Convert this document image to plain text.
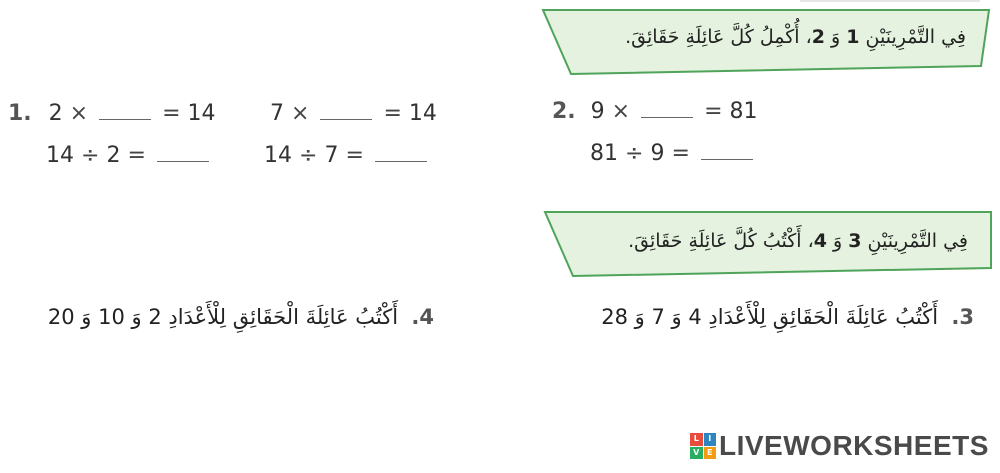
فِي التَّمْرِينَيْنِ

1

وَ

2
، أُكْمِلُ كُلَّ عَائِلَةِ حَقَائِقَ.
1. 2 ×	= 14 7 ×	= 14
14 ÷ 2 =	14 ÷ 7 =
2. 9 ×	= 81
81 ÷ 9 =
فِي التَّمْرِينَيْنِ

3

وَ

4
، أَكْتُبُ كُلَّ عَائِلَةِ حَقَائِقَ.
3.  أَكْتُبُ عَائِلَةَ الْحَقَائِقِ لِلْأَعْدَادِ 4 وَ 7 وَ 28
4.  أَكْتُبُ عَائِلَةَ الْحَقَائِقِ لِلْأَعْدَادِ 2 وَ 10 وَ 20
L	I
V E LIVEWORKSHEETS
